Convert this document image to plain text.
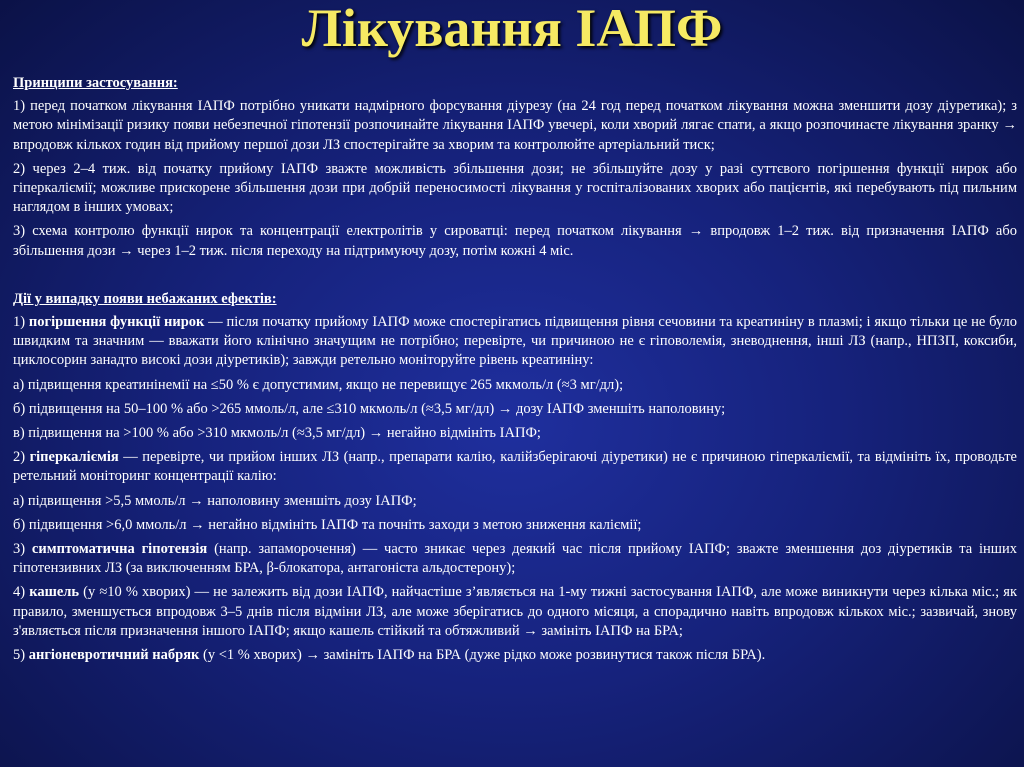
Лікування ІАПФ

Принципи застосування:

1) перед початком лікування ІАПФ потрібно уникати надмірного форсування діурезу (на 24 год перед початком лікування можна зменшити дозу діуретика); з метою мінімізації ризику появи небезпечної гіпотензії розпочинайте лікування ІАПФ увечері, коли хворий лягає спати, а якщо розпочинаєте лікування зранку → впродовж кількох годин від прийому першої дози ЛЗ спостерігайте за хворим та контролюйте артеріальний тиск;

2) через 2–4 тиж. від початку прийому ІАПФ зважте можливість збільшення дози; не збільшуйте дозу у разі суттєвого погіршення функції нирок або гіперкаліємії; можливе прискорене збільшення дози при добрій переносимості лікування у госпіталізованих хворих або пацієнтів, які перебувають під пильним наглядом в інших умовах;

3) схема контролю функції нирок та концентрації електролітів у сироватці: перед початком лікування → впродовж 1–2 тиж. від призначення ІАПФ або збільшення дози → через 1–2 тиж. після переходу на підтримуючу дозу, потім кожні 4 міс.

Дії у випадку появи небажаних ефектів:

1) погіршення функції нирок — після початку прийому ІАПФ може спостерігатись підвищення рівня сечовини та креатиніну в плазмі; і якщо тільки це не було швидким та значним — вважати його клінічно значущим не потрібно; перевірте, чи причиною не є гіповолемія, зневоднення, інші ЛЗ (напр., НПЗП, коксиби, циклосорин занадто високі дози діуретиків); завжди ретельно моніторуйте рівень креатиніну:

а) підвищення креатинінемії на ≤50 % є допустимим, якщо не перевищує 265 мкмоль/л (≈3 мг/дл);

б) підвищення на 50–100 % або >265 ммоль/л, але ≤310 мкмоль/л (≈3,5 мг/дл) → дозу ІАПФ зменшіть наполовину;

в) підвищення на >100 % або >310 мкмоль/л (≈3,5 мг/дл) → негайно відмініть ІАПФ;

2) гіперкаліємія — перевірте, чи прийом інших ЛЗ (напр., препарати калію, калійзберігаючі діуретики) не є причиною гіперкаліємії, та відмініть їх, проводьте ретельний моніторинг концентрації калію:

а) підвищення >5,5 ммоль/л → наполовину зменшіть дозу ІАПФ;

б) підвищення >6,0 ммоль/л → негайно відмініть ІАПФ та почніть заходи з метою зниження каліємії;

3) симптоматична гіпотензія (напр. запаморочення) — часто зникає через деякий час після прийому ІАПФ; зважте зменшення доз діуретиків та інших гіпотензивних ЛЗ (за виключенням БРА, β-блокатора, антагоніста альдостерону);

4) кашель (у ≈10 % хворих) — не залежить від дози ІАПФ, найчастіше з’являється на 1-му тижні застосування ІАПФ, але може виникнути через кілька міс.; як правило, зменшується впродовж 3–5 днів після відміни ЛЗ, але може зберігатись до одного місяця, а спорадично навіть впродовж кількох міс.; зазвичай, знову з'являється після призначення іншого ІАПФ; якщо кашель стійкий та обтяжливий → замініть ІАПФ на БРА;

5) ангіоневротичний набряк (у <1 % хворих) → замініть ІАПФ на БРА (дуже рідко може розвинутися також після БРА).
